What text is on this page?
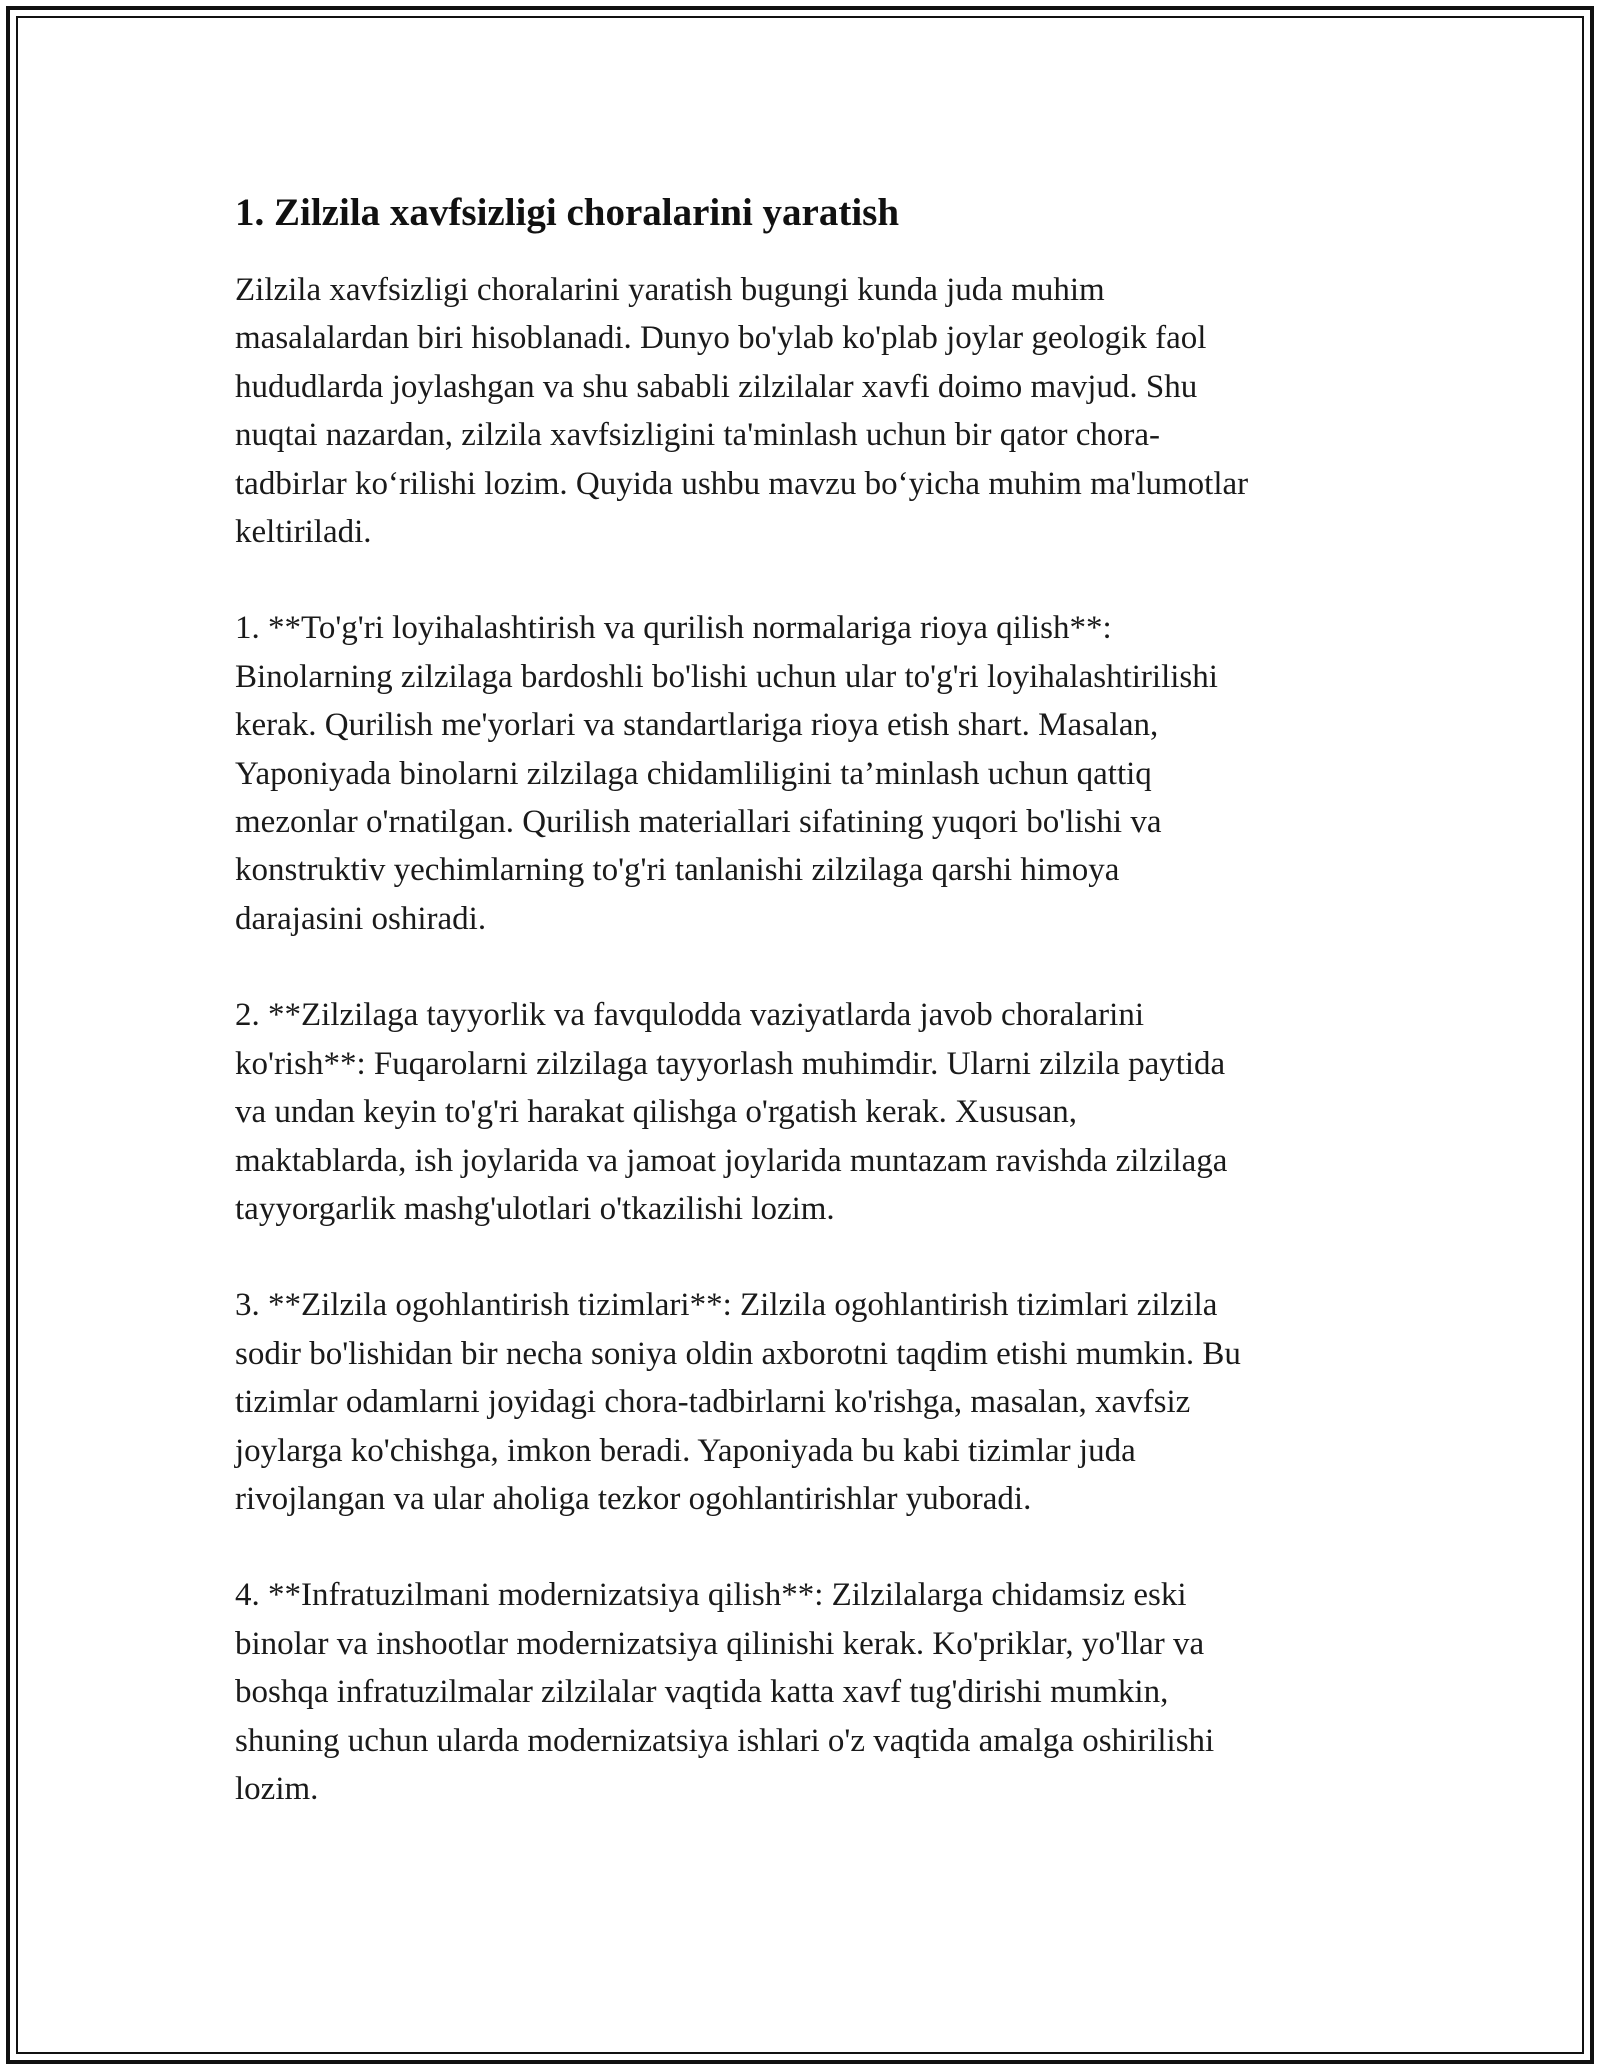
1. Zilzila xavfsizligi choralarini yaratish

Zilzila xavfsizligi choralarini yaratish bugungi kunda juda muhim
masalalardan biri hisoblanadi. Dunyo bo'ylab ko'plab joylar geologik faol
hududlarda joylashgan va shu sababli zilzilalar xavfi doimo mavjud. Shu
nuqtai nazardan, zilzila xavfsizligini ta'minlash uchun bir qator chora-
tadbirlar ko‘rilishi lozim. Quyida ushbu mavzu bo‘yicha muhim ma'lumotlar
keltiriladi.

1. **To'g'ri loyihalashtirish va qurilish normalariga rioya qilish**:
Binolarning zilzilaga bardoshli bo'lishi uchun ular to'g'ri loyihalashtirilishi
kerak. Qurilish me'yorlari va standartlariga rioya etish shart. Masalan,
Yaponiyada binolarni zilzilaga chidamliligini ta’minlash uchun qattiq
mezonlar o'rnatilgan. Qurilish materiallari sifatining yuqori bo'lishi va
konstruktiv yechimlarning to'g'ri tanlanishi zilzilaga qarshi himoya
darajasini oshiradi.

2. **Zilzilaga tayyorlik va favqulodda vaziyatlarda javob choralarini
ko'rish**: Fuqarolarni zilzilaga tayyorlash muhimdir. Ularni zilzila paytida
va undan keyin to'g'ri harakat qilishga o'rgatish kerak. Xususan,
maktablarda, ish joylarida va jamoat joylarida muntazam ravishda zilzilaga
tayyorgarlik mashg'ulotlari o'tkazilishi lozim.

3. **Zilzila ogohlantirish tizimlari**: Zilzila ogohlantirish tizimlari zilzila
sodir bo'lishidan bir necha soniya oldin axborotni taqdim etishi mumkin. Bu
tizimlar odamlarni joyidagi chora-tadbirlarni ko'rishga, masalan, xavfsiz
joylarga ko'chishga, imkon beradi. Yaponiyada bu kabi tizimlar juda
rivojlangan va ular aholiga tezkor ogohlantirishlar yuboradi.

4. **Infratuzilmani modernizatsiya qilish**: Zilzilalarga chidamsiz eski
binolar va inshootlar modernizatsiya qilinishi kerak. Ko'priklar, yo'llar va
boshqa infratuzilmalar zilzilalar vaqtida katta xavf tug'dirishi mumkin,
shuning uchun ularda modernizatsiya ishlari o'z vaqtida amalga oshirilishi
lozim.
